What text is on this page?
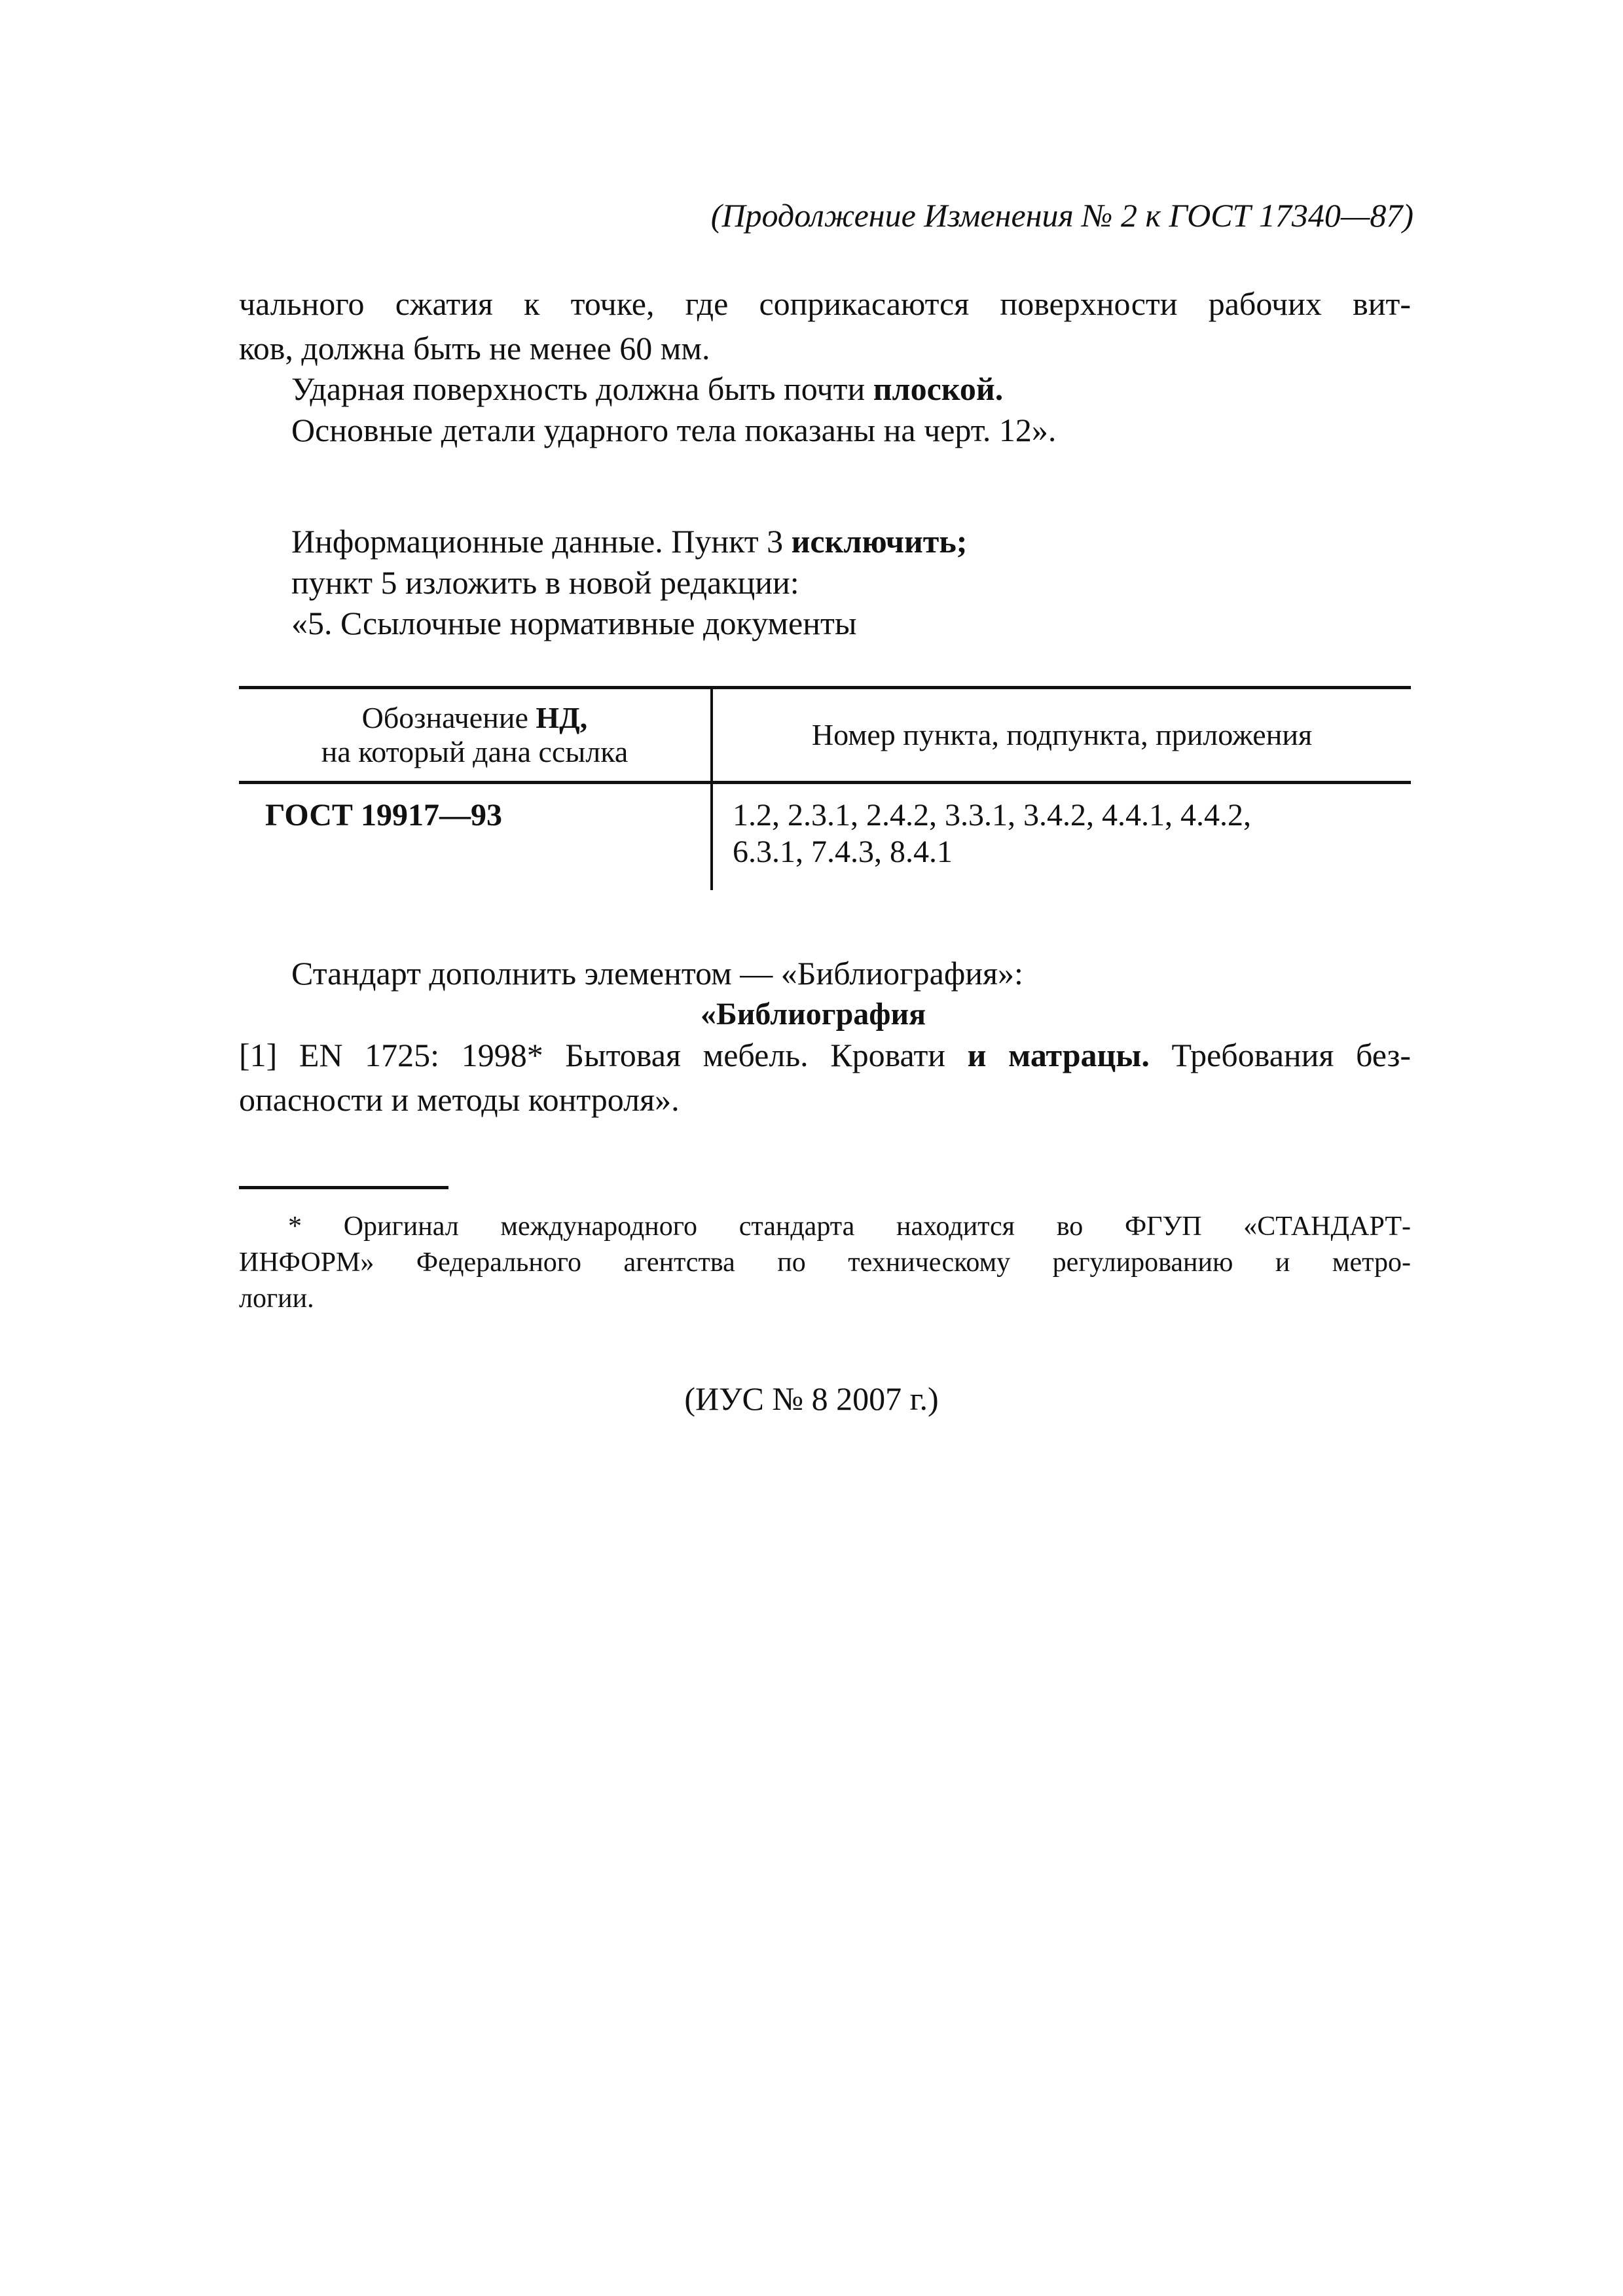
(Продолжение Изменения № 2 к ГОСТ 17340—87)
чального сжатия к точке, где соприкасаются поверхности рабочих вит-
ков, должна быть не менее 60 мм.
Ударная поверхность должна быть почти плоской.
Основные детали ударного тела показаны на черт. 12».
Информационные данные. Пункт 3 исключить;
пункт 5 изложить в новой редакции:
«5. Ссылочные нормативные документы
Обозначение НД,
на который дана ссылка	Номер пункта, подпункта, приложения
ГОСТ 19917—93	1.2, 2.3.1, 2.4.2, 3.3.1, 3.4.2, 4.4.1, 4.4.2,
6.3.1, 7.4.3, 8.4.1
Стандарт дополнить элементом — «Библиография»:
«Библиография
[1] EN 1725: 1998* Бытовая мебель. Кровати и матрацы. Требования без-
опасности и методы контроля».
* Оригинал международного стандарта находится во ФГУП «СТАНДАРТ-
ИНФОРМ» Федерального агентства по техническому регулированию и метро-
логии.
(ИУС № 8 2007 г.)
